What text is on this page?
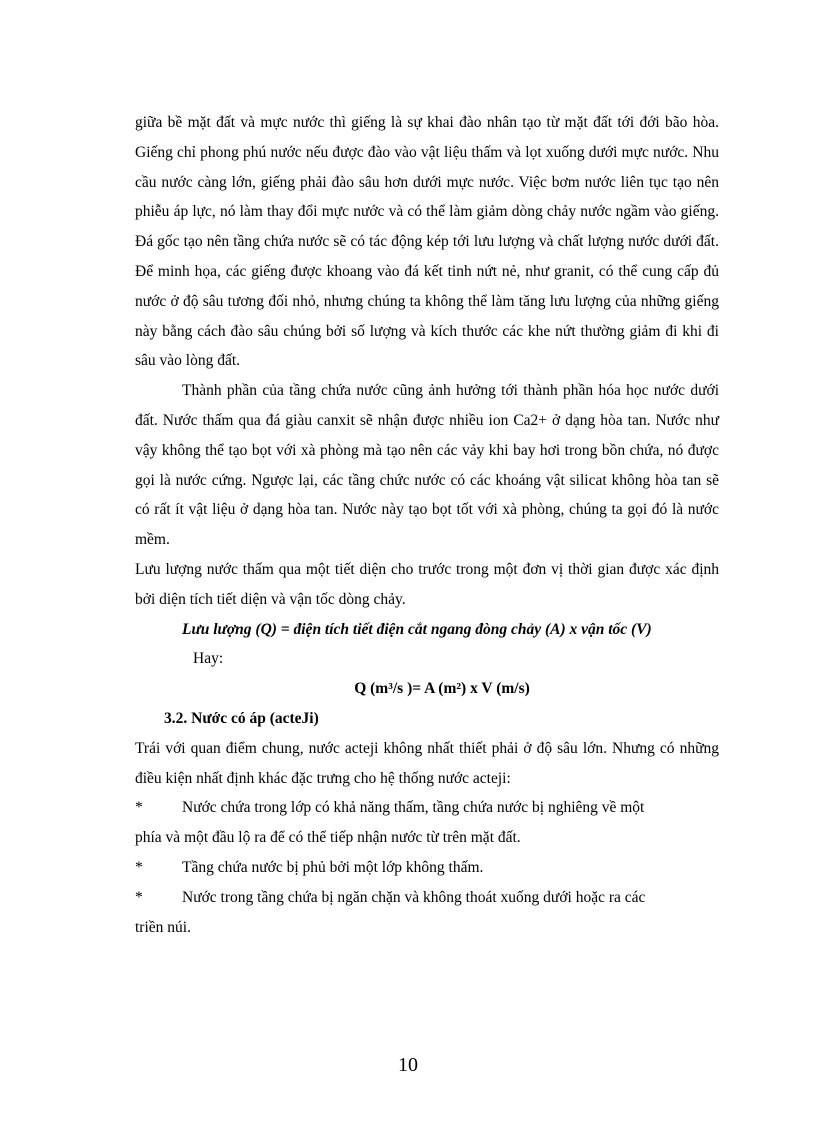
giữa bề mặt đất và mực nước thì giếng là sự khai đào nhân tạo từ mặt đất tới đới bão hòa. Giếng chỉ phong phú nước nếu được đào vào vật liệu thấm và lọt xuống dưới mực nước. Nhu cầu nước càng lớn, giếng phải đào sâu hơn dưới mực nước. Việc bơm nước liên tục tạo nên phiễu áp lực, nó làm thay đổi mực nước và có thể làm giảm dòng chảy nước ngầm vào giếng. Đá gốc tạo nên tầng chứa nước sẽ có tác động kép tới lưu lượng và chất lượng nước dưới đất. Để minh họa, các giếng được khoang vào đá kết tinh nứt nẻ, như granit, có thể cung cấp đủ nước ở độ sâu tương đối nhỏ, nhưng chúng ta không thể làm tăng lưu lượng của những giếng này bằng cách đào sâu chúng bởi số lượng và kích thước các khe nứt thường giảm đi khi đi sâu vào lòng đất.

Thành phần của tầng chứa nước cũng ảnh hưởng tới thành phần hóa học nước dưới đất. Nước thấm qua đá giàu canxit sẽ nhận được nhiều ion Ca2+ ở dạng hòa tan. Nước như vậy không thể tạo bọt với xà phòng mà tạo nên các vảy khi bay hơi trong bồn chứa, nó được gọi là nước cứng. Ngược lại, các tầng chức nước có các khoáng vật silicat không hòa tan sẽ có rất ít vật liệu ở dạng hòa tan. Nước này tạo bọt tốt với xà phòng, chúng ta gọi đó là nước mềm.

Lưu lượng nước thấm qua một tiết diện cho trước trong một đơn vị thời gian được xác định bởi diện tích tiết diện và vận tốc dòng chảy.

Lưu lượng (Q) = điện tích tiết điện cắt ngang đòng chảy (A) x vận tốc (V)

Hay:

Q (m³/s )= A (m²) x V (m/s)

3.2. Nước có áp (acteJi)

Trái với quan điểm chung, nước acteji không nhất thiết phải ở độ sâu lớn. Nhưng có những điều kiện nhất định khác đặc trưng cho hệ thống nước acteji:

*	Nước chứa trong lớp có khả năng thấm, tầng chứa nước bị nghiêng về một

phía và một đầu lộ ra để có thể tiếp nhận nước từ trên mặt đất.

*	Tầng chứa nước bị phủ bởi một lớp không thấm.
*	Nước trong tầng chứa bị ngăn chặn và không thoát xuống dưới hoặc ra các

triền núi.

10
